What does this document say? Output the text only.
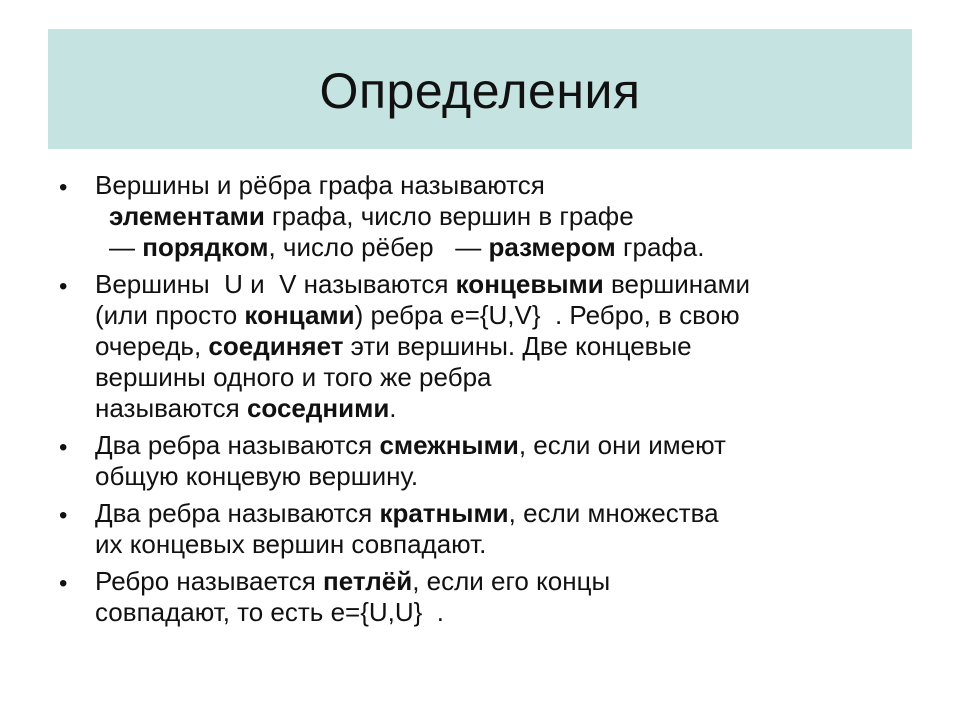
Определения
• Вершины и рёбра графа называются
элементами графа, число вершин в графе
— порядком, число рёбер   — размером графа.
• Вершины  U и  V называются концевыми вершинами
(или просто концами) ребра e={U,V}  . Ребро, в свою
очередь, соединяет эти вершины. Две концевые
вершины одного и того же ребра
называются соседними.
• Два ребра называются смежными, если они имеют
общую концевую вершину.
• Два ребра называются кратными, если множества
их концевых вершин совпадают.
• Ребро называется петлёй, если его концы
совпадают, то есть e={U,U}  .
